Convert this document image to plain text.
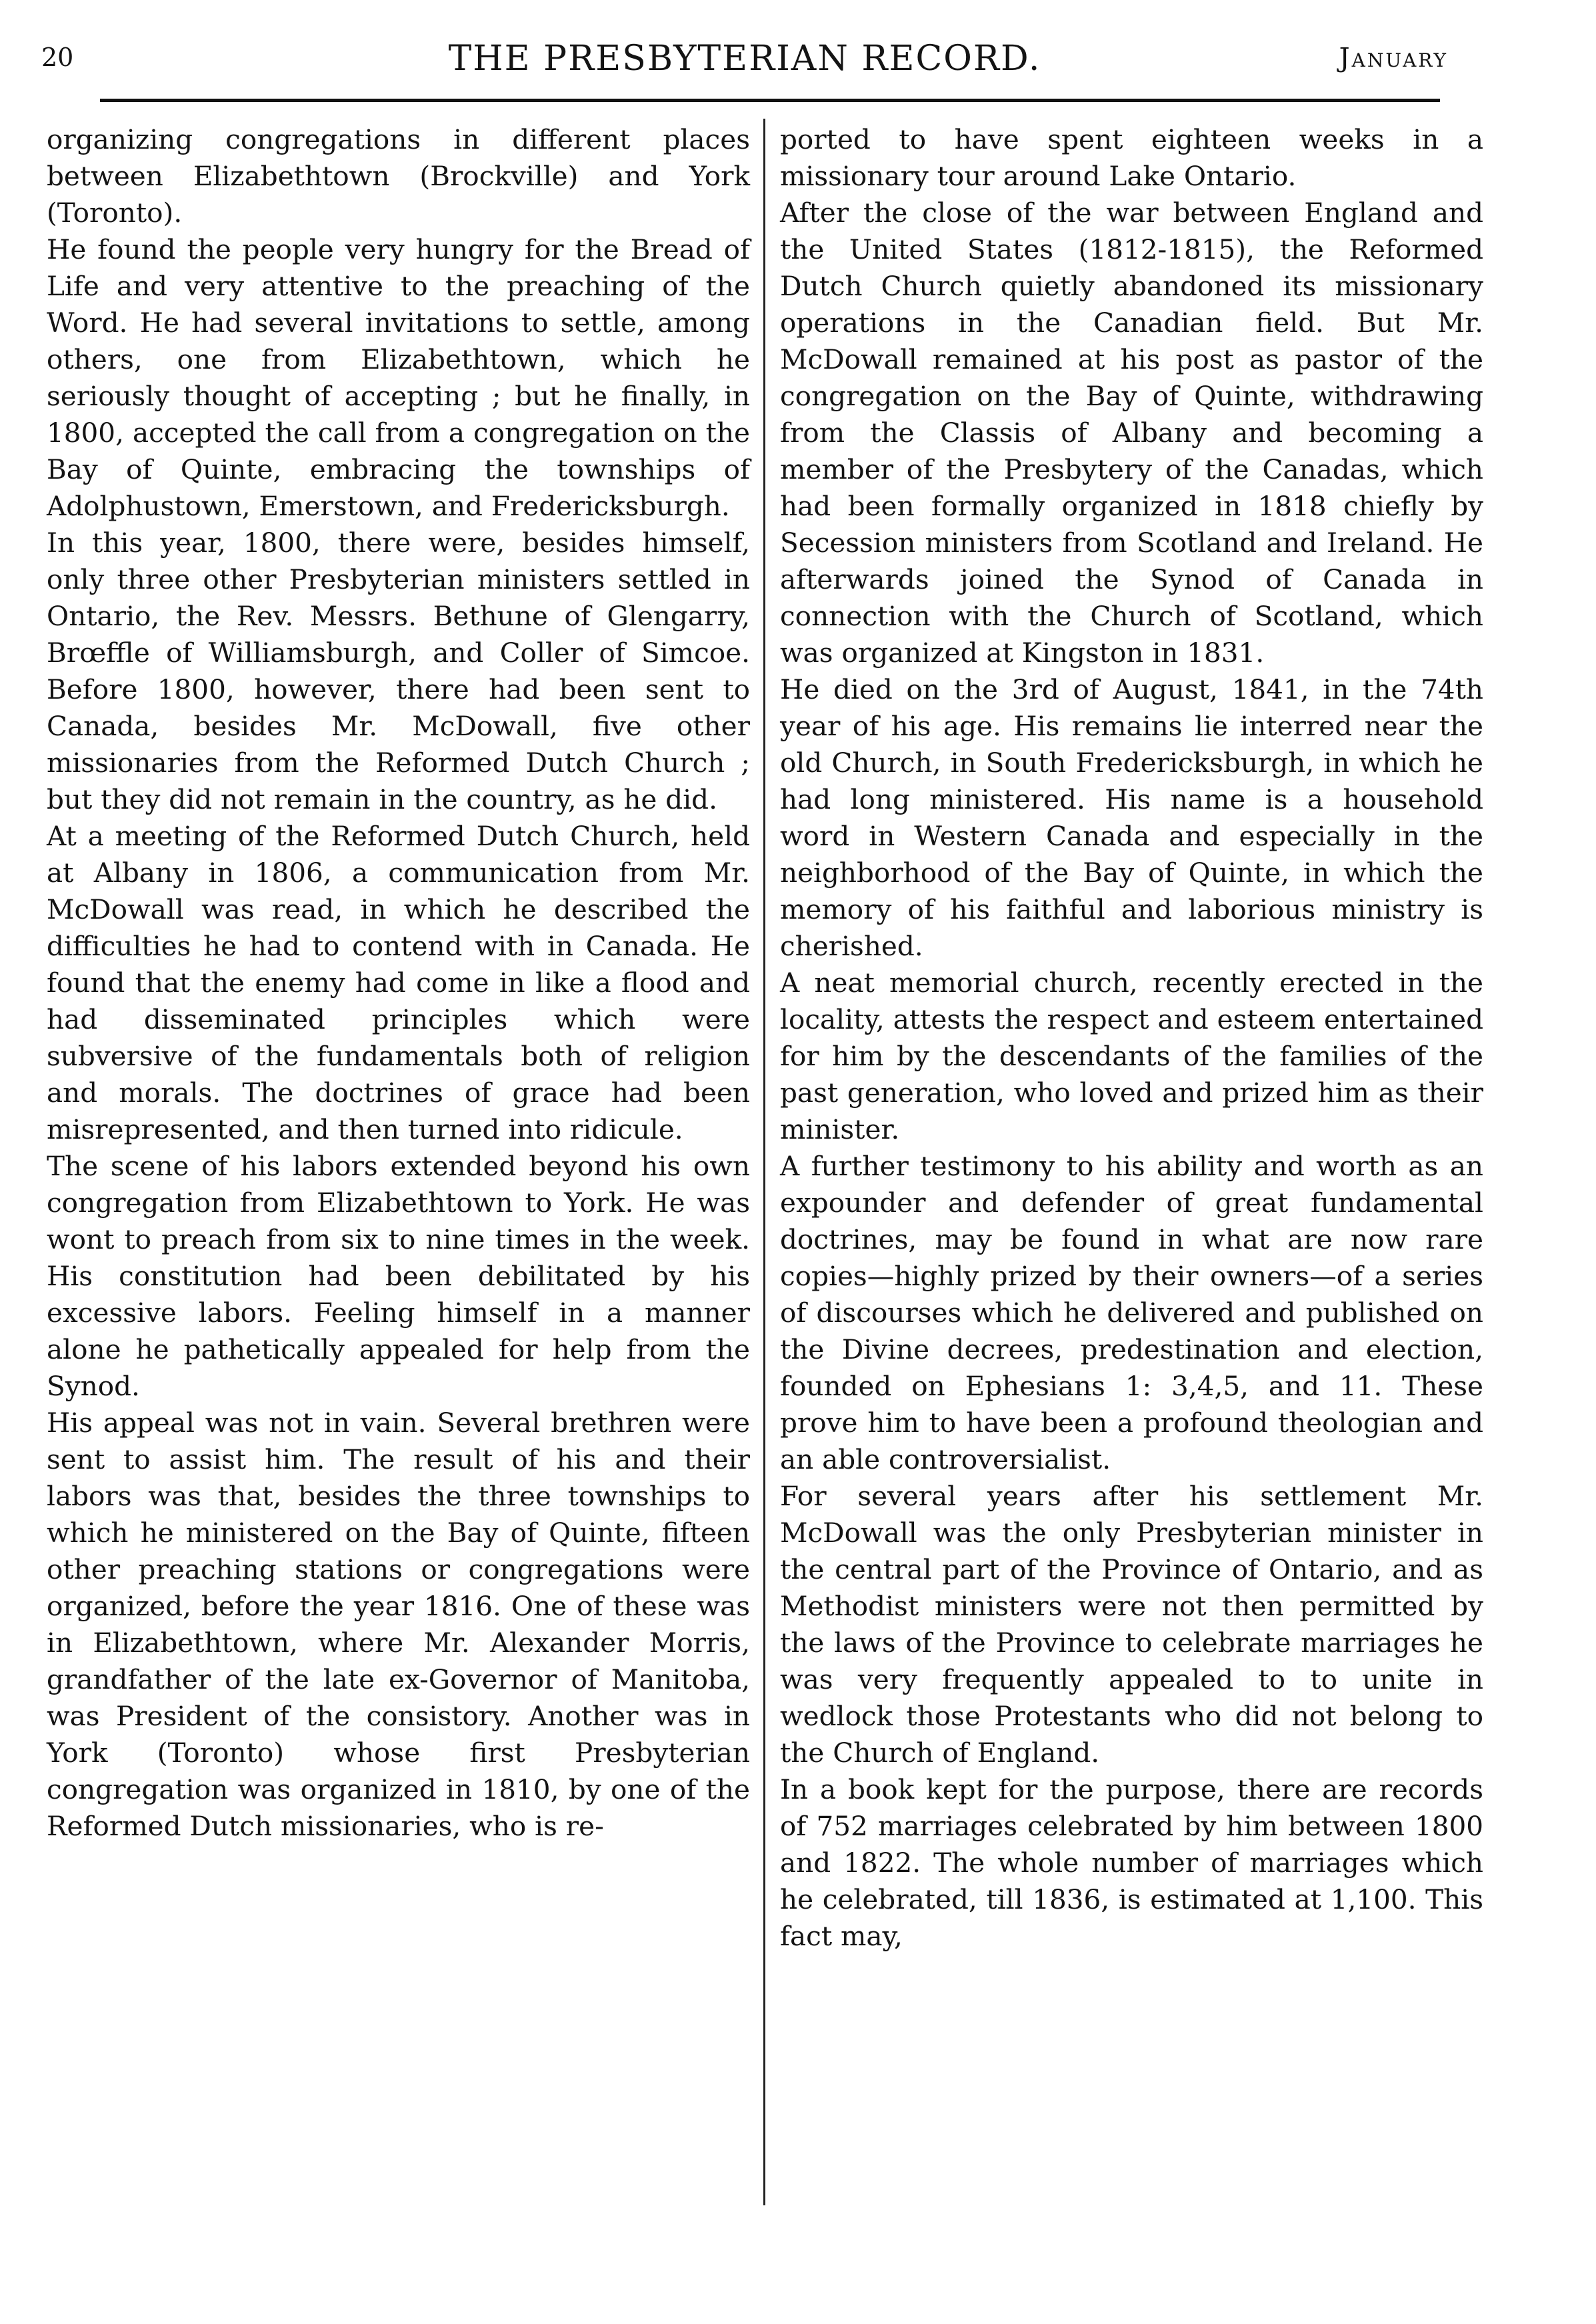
20	THE PRESBYTERIAN RECORD.	January

organizing congregations in different places between Elizabethtown (Brockville) and York (Toronto).

He found the people very hungry for the Bread of Life and very attentive to the preaching of the Word. He had several invitations to settle, among others, one from Elizabethtown, which he seriously thought of accepting ; but he finally, in 1800, accepted the call from a congregation on the Bay of Quinte, embracing the townships of Adolphustown, Emerstown, and Fredericksburgh.

In this year, 1800, there were, besides himself, only three other Presbyterian ministers settled in Ontario, the Rev. Messrs. Bethune of Glengarry, Brœffle of Williamsburgh, and Coller of Simcoe. Before 1800, however, there had been sent to Canada, besides Mr. McDowall, five other missionaries from the Reformed Dutch Church ; but they did not remain in the country, as he did.

At a meeting of the Reformed Dutch Church, held at Albany in 1806, a communication from Mr. McDowall was read, in which he described the difficulties he had to contend with in Canada. He found that the enemy had come in like a flood and had disseminated principles which were subversive of the fundamentals both of religion and morals. The doctrines of grace had been misrepresented, and then turned into ridicule.

The scene of his labors extended beyond his own congregation from Elizabethtown to York. He was wont to preach from six to nine times in the week. His constitution had been debilitated by his excessive labors. Feeling himself in a manner alone he pathetically appealed for help from the Synod.

His appeal was not in vain. Several brethren were sent to assist him. The result of his and their labors was that, besides the three townships to which he ministered on the Bay of Quinte, fifteen other preaching stations or congregations were organized, before the year 1816. One of these was in Elizabethtown, where Mr. Alexander Morris, grandfather of the late ex-Governor of Manitoba, was President of the consistory. Another was in York (Toronto) whose first Presbyterian congregation was organized in 1810, by one of the Reformed Dutch missionaries, who is re-

ported to have spent eighteen weeks in a missionary tour around Lake Ontario.

After the close of the war between England and the United States (1812-1815), the Reformed Dutch Church quietly abandoned its missionary operations in the Canadian field. But Mr. McDowall remained at his post as pastor of the congregation on the Bay of Quinte, withdrawing from the Classis of Albany and becoming a member of the Presbytery of the Canadas, which had been formally organized in 1818 chiefly by Secession ministers from Scotland and Ireland. He afterwards joined the Synod of Canada in connection with the Church of Scotland, which was organized at Kingston in 1831.

He died on the 3rd of August, 1841, in the 74th year of his age. His remains lie interred near the old Church, in South Fredericksburgh, in which he had long ministered. His name is a household word in Western Canada and especially in the neighborhood of the Bay of Quinte, in which the memory of his faithful and laborious ministry is cherished.

A neat memorial church, recently erected in the locality, attests the respect and esteem entertained for him by the descendants of the families of the past generation, who loved and prized him as their minister.

A further testimony to his ability and worth as an expounder and defender of great fundamental doctrines, may be found in what are now rare copies—highly prized by their owners—of a series of discourses which he delivered and published on the Divine decrees, predestination and election, founded on Ephesians 1: 3,4,5, and 11. These prove him to have been a profound theologian and an able controversialist.

For several years after his settlement Mr. McDowall was the only Presbyterian minister in the central part of the Province of Ontario, and as Methodist ministers were not then permitted by the laws of the Province to celebrate marriages he was very frequently appealed to to unite in wedlock those Protestants who did not belong to the Church of England.

In a book kept for the purpose, there are records of 752 marriages celebrated by him between 1800 and 1822. The whole number of marriages which he celebrated, till 1836, is estimated at 1,100. This fact may,
